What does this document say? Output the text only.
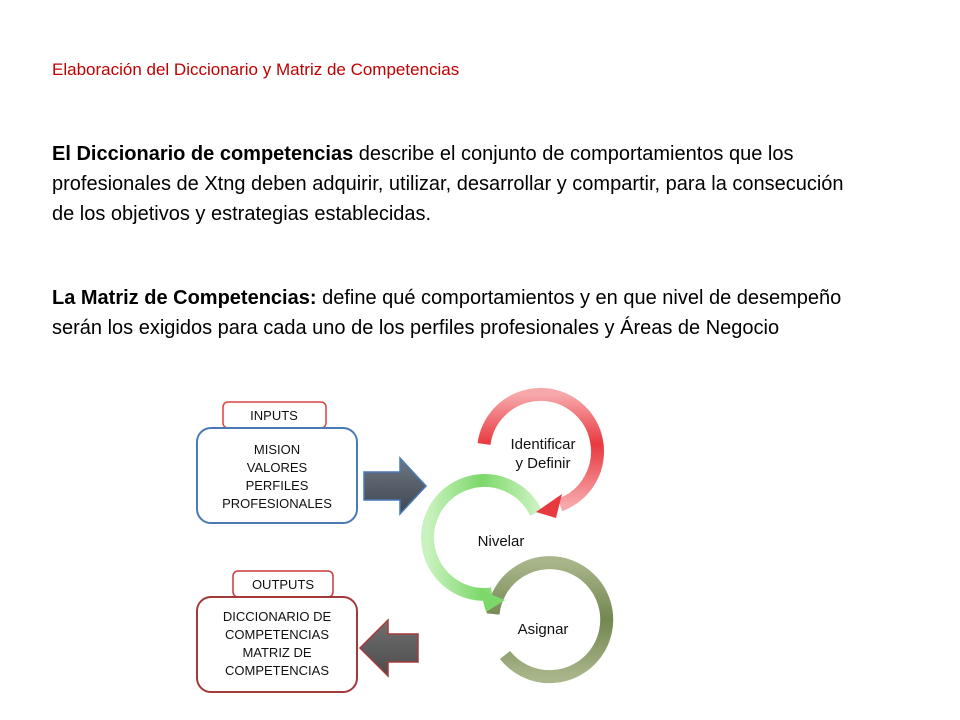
Elaboración del Diccionario y Matriz de Competencias
El Diccionario de competencias describe el conjunto de comportamientos que los profesionales de Xtng deben adquirir, utilizar, desarrollar y compartir, para la consecución de los objetivos y estrategias establecidas.
La Matriz de Competencias: define qué comportamientos y en que nivel de desempeño serán los exigidos para cada uno de los perfiles profesionales y Áreas de Negocio
INPUTS
MISION
VALORES
PERFILES
PROFESIONALES
OUTPUTS
DICCIONARIO DE
COMPETENCIAS
MATRIZ DE
COMPETENCIAS
Asignar
Nivelar
Identificar
y Definir
